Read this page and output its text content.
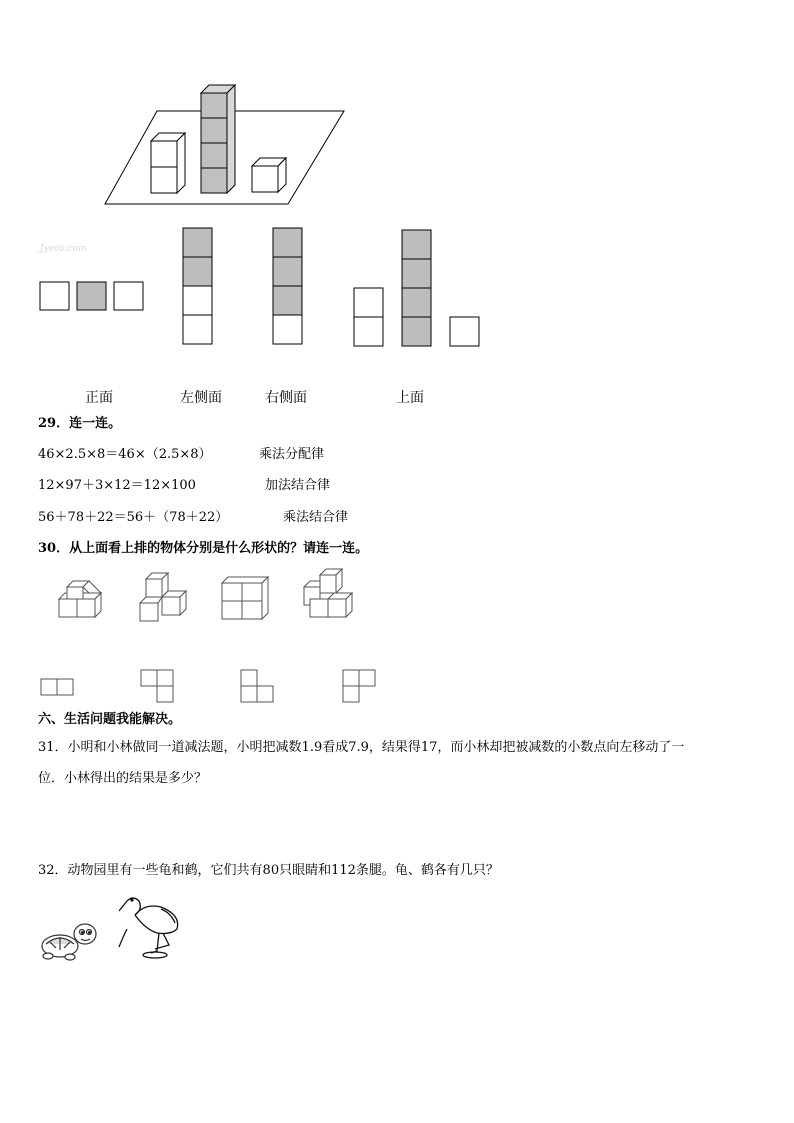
Jyeoo.com
正面	左侧面	右侧面	上面
29．连一连。
46×2.5×8＝46×（2.5×8）	乘法分配律
12×97＋3×12＝12×100	加法结合律
56＋78＋22＝56＋（78＋22）	乘法结合律
30．从上面看上排的物体分别是什么形状的？请连一连。
六、生活问题我能解决。
31．小明和小林做同一道减法题，小明把减数1.9看成7.9，结果得17，而小林却把被减数的小数点向左移动了一
位．小林得出的结果是多少？
32．动物园里有一些龟和鹤，它们共有80只眼睛和112条腿。龟、鹤各有几只？
